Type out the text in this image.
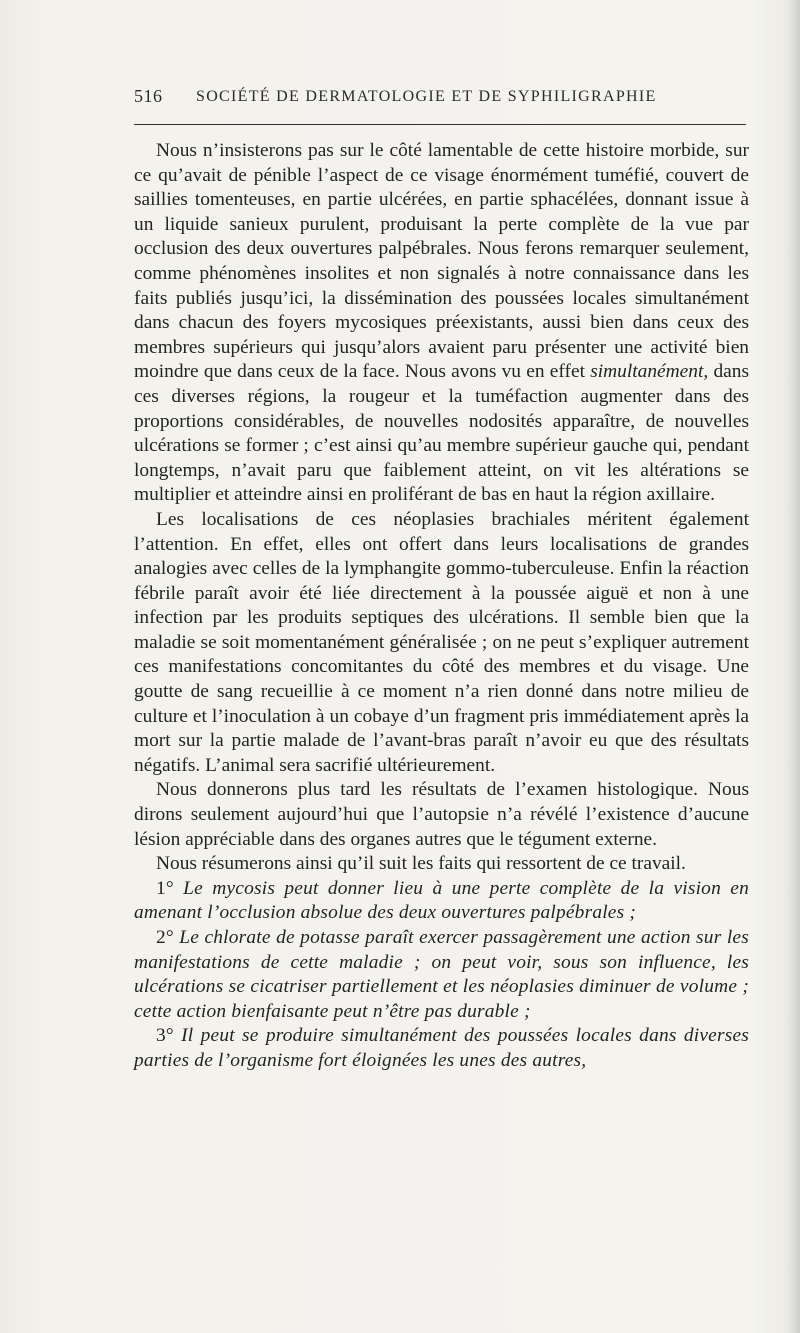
516 SOCIÉTÉ DE DERMATOLOGIE ET DE SYPHILIGRAPHIE

Nous n’insisterons pas sur le côté lamentable de cette histoire morbide, sur ce qu’avait de pénible l’aspect de ce visage énormément tuméfié, couvert de saillies tomenteuses, en partie ulcérées, en partie sphacélées, donnant issue à un liquide sanieux purulent, produisant la perte complète de la vue par occlusion des deux ouvertures palpébrales. Nous ferons remarquer seulement, comme phénomènes insolites et non signalés à notre connaissance dans les faits publiés jusqu’ici, la dissémination des poussées locales simultanément dans chacun des foyers mycosiques préexistants, aussi bien dans ceux des membres supérieurs qui jusqu’alors avaient paru présenter une activité bien moindre que dans ceux de la face. Nous avons vu en effet simultanément, dans ces diverses régions, la rougeur et la tuméfaction augmenter dans des proportions considérables, de nouvelles nodosités apparaître, de nouvelles ulcérations se former ; c’est ainsi qu’au membre supérieur gauche qui, pendant longtemps, n’avait paru que faiblement atteint, on vit les altérations se multiplier et atteindre ainsi en proliférant de bas en haut la région axillaire.

Les localisations de ces néoplasies brachiales méritent également l’attention. En effet, elles ont offert dans leurs localisations de grandes analogies avec celles de la lymphangite gommo-tuberculeuse. Enfin la réaction fébrile paraît avoir été liée directement à la poussée aiguë et non à une infection par les produits septiques des ulcérations. Il semble bien que la maladie se soit momentanément généralisée ; on ne peut s’expliquer autrement ces manifestations concomitantes du côté des membres et du visage. Une goutte de sang recueillie à ce moment n’a rien donné dans notre milieu de culture et l’inoculation à un cobaye d’un fragment pris immédiatement après la mort sur la partie malade de l’avant-bras paraît n’avoir eu que des résultats négatifs. L’animal sera sacrifié ultérieurement.

Nous donnerons plus tard les résultats de l’examen histologique. Nous dirons seulement aujourd’hui que l’autopsie n’a révélé l’existence d’aucune lésion appréciable dans des organes autres que le tégument externe.

Nous résumerons ainsi qu’il suit les faits qui ressortent de ce travail.

1° Le mycosis peut donner lieu à une perte complète de la vision en amenant l’occlusion absolue des deux ouvertures palpébrales ;

2° Le chlorate de potasse paraît exercer passagèrement une action sur les manifestations de cette maladie ; on peut voir, sous son influence, les ulcérations se cicatriser partiellement et les néoplasies diminuer de volume ; cette action bienfaisante peut n’être pas durable ;

3° Il peut se produire simultanément des poussées locales dans diverses parties de l’organisme fort éloignées les unes des autres,
